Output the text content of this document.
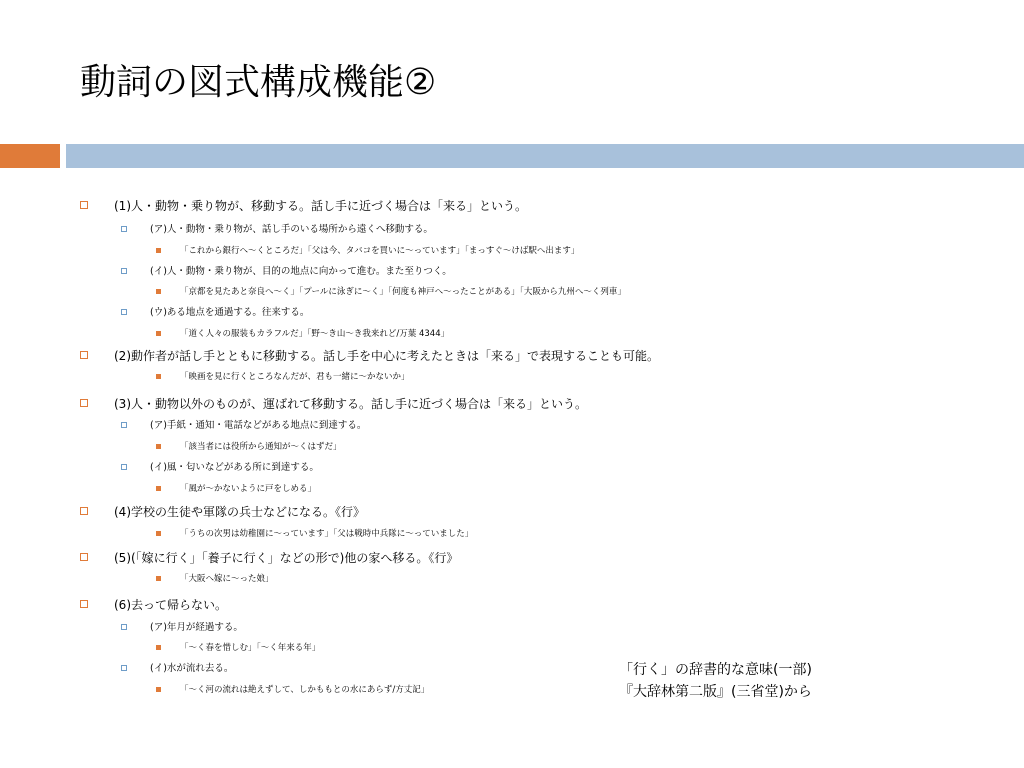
動詞の図式構成機能②
(1)人・動物・乗り物が、移動する。話し手に近づく場合は「来る」という。
(ア)人・動物・乗り物が、話し手のいる場所から遠くへ移動する。
「これから銀行へ～くところだ」「父は今、タバコを買いに～っています」「まっすぐ～けば駅へ出ます」
(イ)人・動物・乗り物が、目的の地点に向かって進む。また至りつく。
「京都を見たあと奈良へ～く」「プールに泳ぎに～く」「何度も神戸へ～ったことがある」「大阪から九州へ～く列車」
(ウ)ある地点を通過する。往来する。
「道く人々の服装もカラフルだ」「野～き山～き我来れど/万葉 4344」
(2)動作者が話し手とともに移動する。話し手を中心に考えたときは「来る」で表現することも可能。
「映画を見に行くところなんだが、君も一緒に～かないか」
(3)人・動物以外のものが、運ばれて移動する。話し手に近づく場合は「来る」という。
(ア)手紙・通知・電話などがある地点に到達する。
「該当者には役所から通知が～くはずだ」
(イ)風・匂いなどがある所に到達する。
「風が～かないように戸をしめる」
(4)学校の生徒や軍隊の兵士などになる。《行》
「うちの次男は幼稚園に～っています」「父は戦時中兵隊に～っていました」
(5)(「嫁に行く」「養子に行く」などの形で)他の家へ移る。《行》
「大阪へ嫁に～った娘」
(6)去って帰らない。
(ア)年月が経過する。
「～く春を惜しむ」「～く年来る年」
(イ)水が流れ去る。
「～く河の流れは絶えずして、しかももとの水にあらず/方丈記」
「行く」の辞書的な意味(一部)
『大辞林第二版』(三省堂)から
